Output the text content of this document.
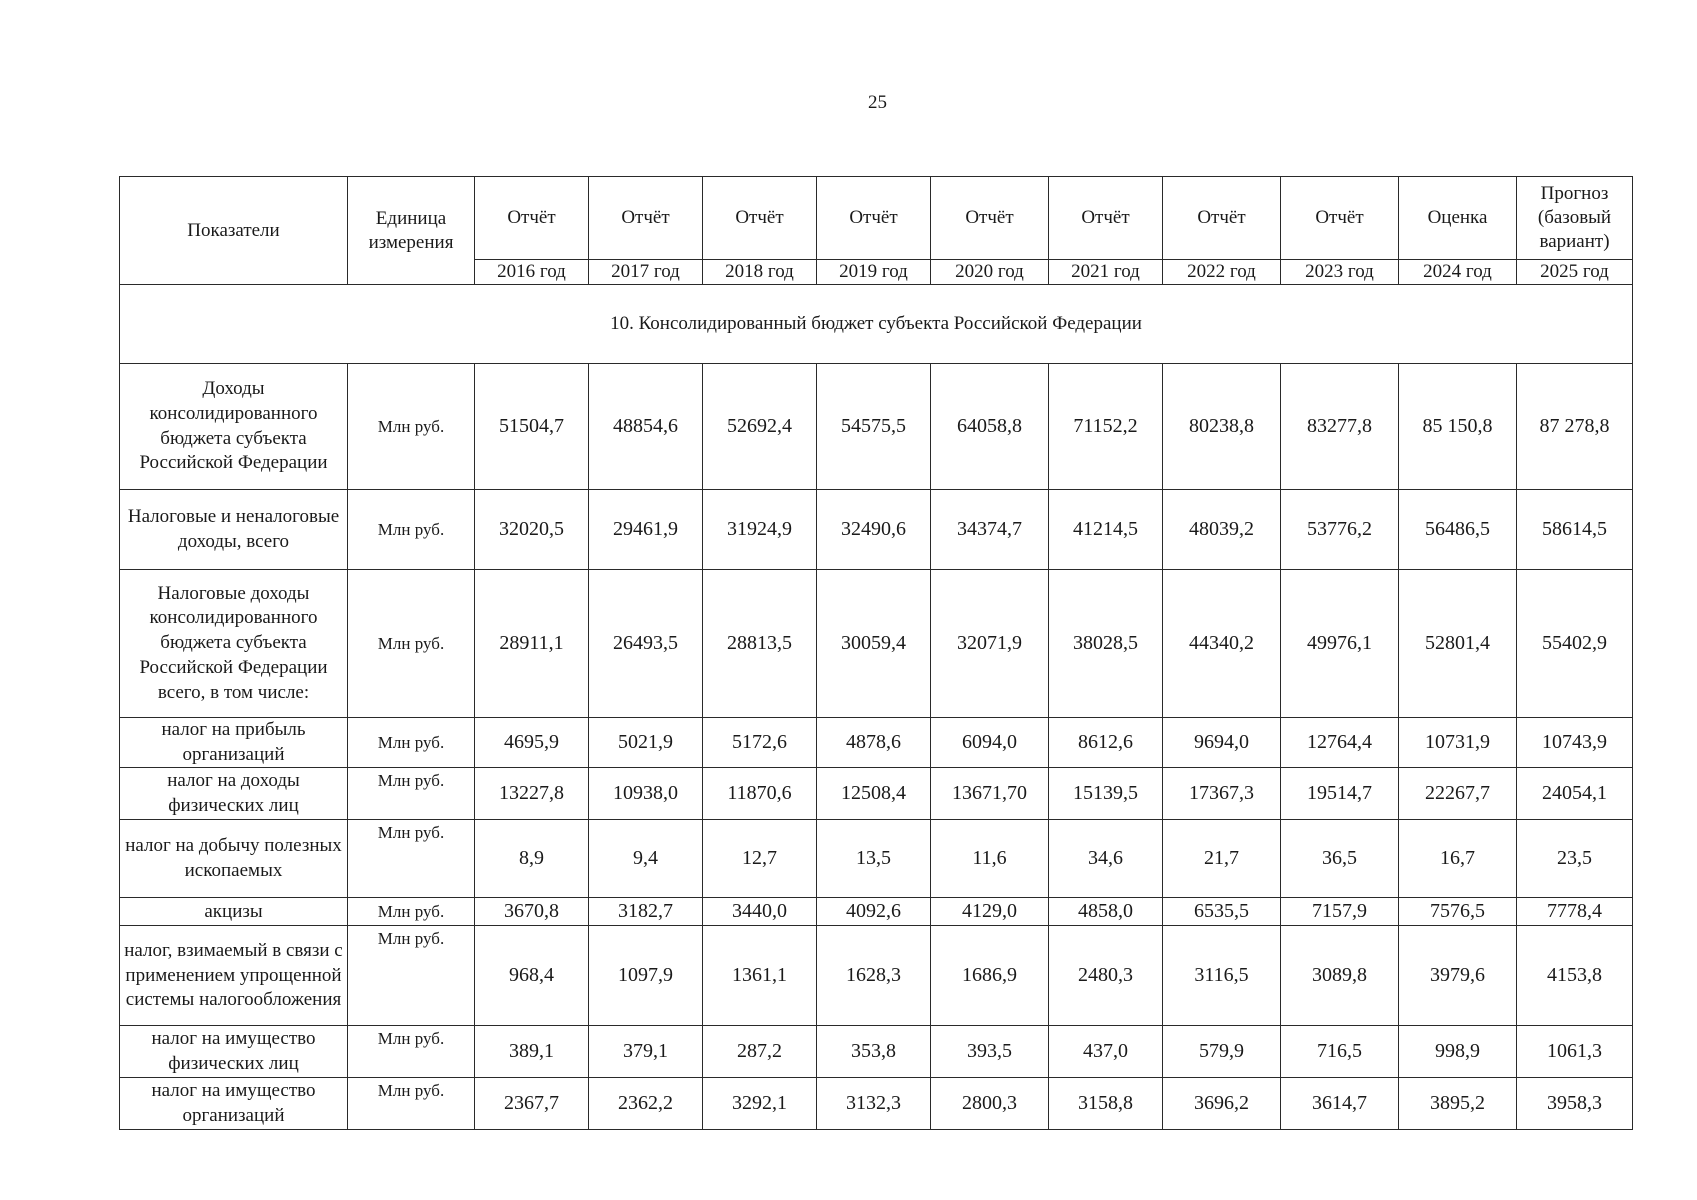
25
Показатели	Единица измерения	Отчёт	Отчёт	Отчёт	Отчёт	Отчёт	Отчёт	Отчёт	Отчёт	Оценка	Прогноз (базовый вариант)
		2016 год	2017 год	2018 год	2019 год	2020 год	2021 год	2022 год	2023 год	2024 год	2025 год
10. Консолидированный бюджет субъекта Российской Федерации											
Доходы консолидированного бюджета субъекта Российской Федерации	Млн руб.	51504,7	48854,6	52692,4	54575,5	64058,8	71152,2	80238,8	83277,8	85 150,8	87 278,8
Налоговые и неналоговые доходы, всего	Млн руб.	32020,5	29461,9	31924,9	32490,6	34374,7	41214,5	48039,2	53776,2	56486,5	58614,5
Налоговые доходы консолидированного бюджета субъекта Российской Федерации всего, в том числе:	Млн руб.	28911,1	26493,5	28813,5	30059,4	32071,9	38028,5	44340,2	49976,1	52801,4	55402,9
налог на прибыль организаций	Млн руб.	4695,9	5021,9	5172,6	4878,6	6094,0	8612,6	9694,0	12764,4	10731,9	10743,9
налог на доходы физических лиц	Млн руб.	13227,8	10938,0	11870,6	12508,4	13671,70	15139,5	17367,3	19514,7	22267,7	24054,1
налог на добычу полезных ископаемых	Млн руб.	8,9	9,4	12,7	13,5	11,6	34,6	21,7	36,5	16,7	23,5
акцизы	Млн руб.	3670,8	3182,7	3440,0	4092,6	4129,0	4858,0	6535,5	7157,9	7576,5	7778,4
налог, взимаемый в связи с применением упрощенной системы налогообложения	Млн руб.	968,4	1097,9	1361,1	1628,3	1686,9	2480,3	3116,5	3089,8	3979,6	4153,8
налог на имущество физических лиц	Млн руб.	389,1	379,1	287,2	353,8	393,5	437,0	579,9	716,5	998,9	1061,3
налог на имущество организаций	Млн руб.	2367,7	2362,2	3292,1	3132,3	2800,3	3158,8	3696,2	3614,7	3895,2	3958,3
